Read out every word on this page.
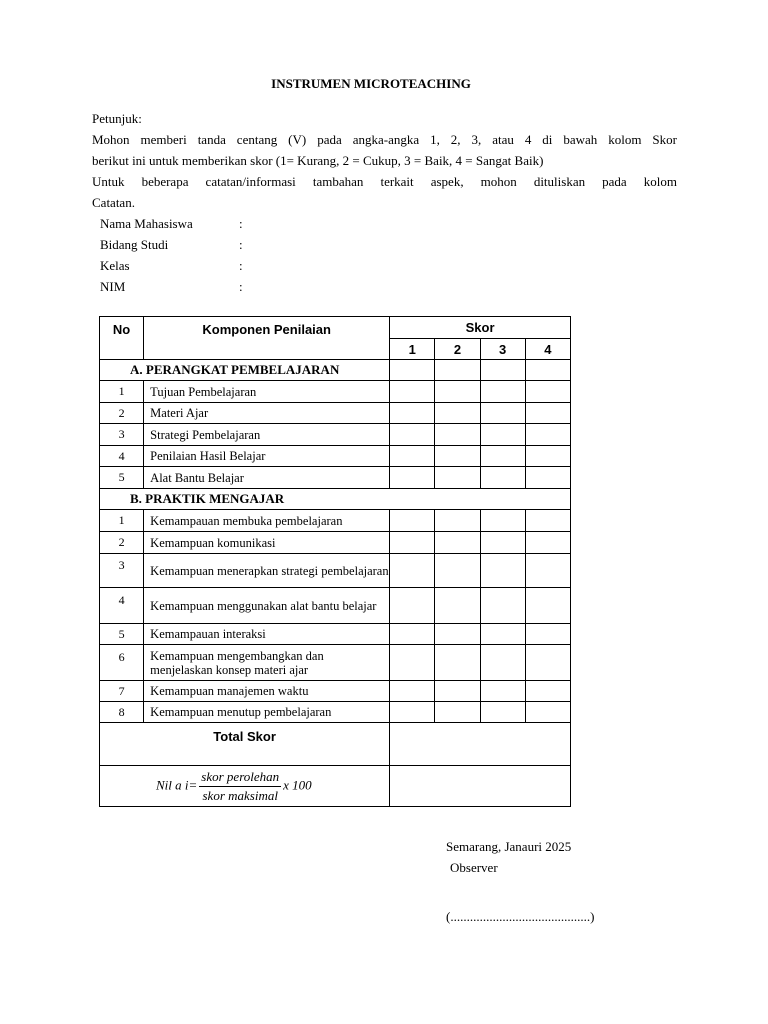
INSTRUMEN MICROTEACHING
Petunjuk:
Mohon memberi tanda centang (V) pada angka-angka 1, 2, 3, atau 4 di bawah kolom Skor
berikut ini untuk memberikan skor (1= Kurang, 2 = Cukup, 3 = Baik, 4 = Sangat Baik)
Untuk beberapa catatan/informasi tambahan terkait aspek, mohon dituliskan pada kolom
Catatan.
Nama Mahasiswa	:
Bidang Studi	:
Kelas	:
NIM	:
No	Komponen Penilaian	Skor			
		1	2	3	4
A. PERANGKAT PEMBELAJARAN					
1	Tujuan Pembelajaran				
2	Materi Ajar				
3	Strategi Pembelajaran				
4	Penilaian Hasil Belajar				
5	Alat Bantu Belajar				
B. PRAKTIK MENGAJAR					
1	Kemampauan membuka pembelajaran				
2	Kemampuan komunikasi				
3	Kemampuan menerapkan strategi pembelajaran				
4	Kemampuan menggunakan alat bantu belajar				
5	Kemampauan interaksi				
6	Kemampuan mengembangkan dan menjelaskan konsep materi ajar				
7	Kemampuan manajemen waktu				
8	Kemampuan menutup pembelajaran				
Total Skor					
Nil a $i= \frac{\text{skor perolehan}}{\text{skor maksimal}}$ x 100					
Semarang, Janauri 2025
Observer
(...........................................)
